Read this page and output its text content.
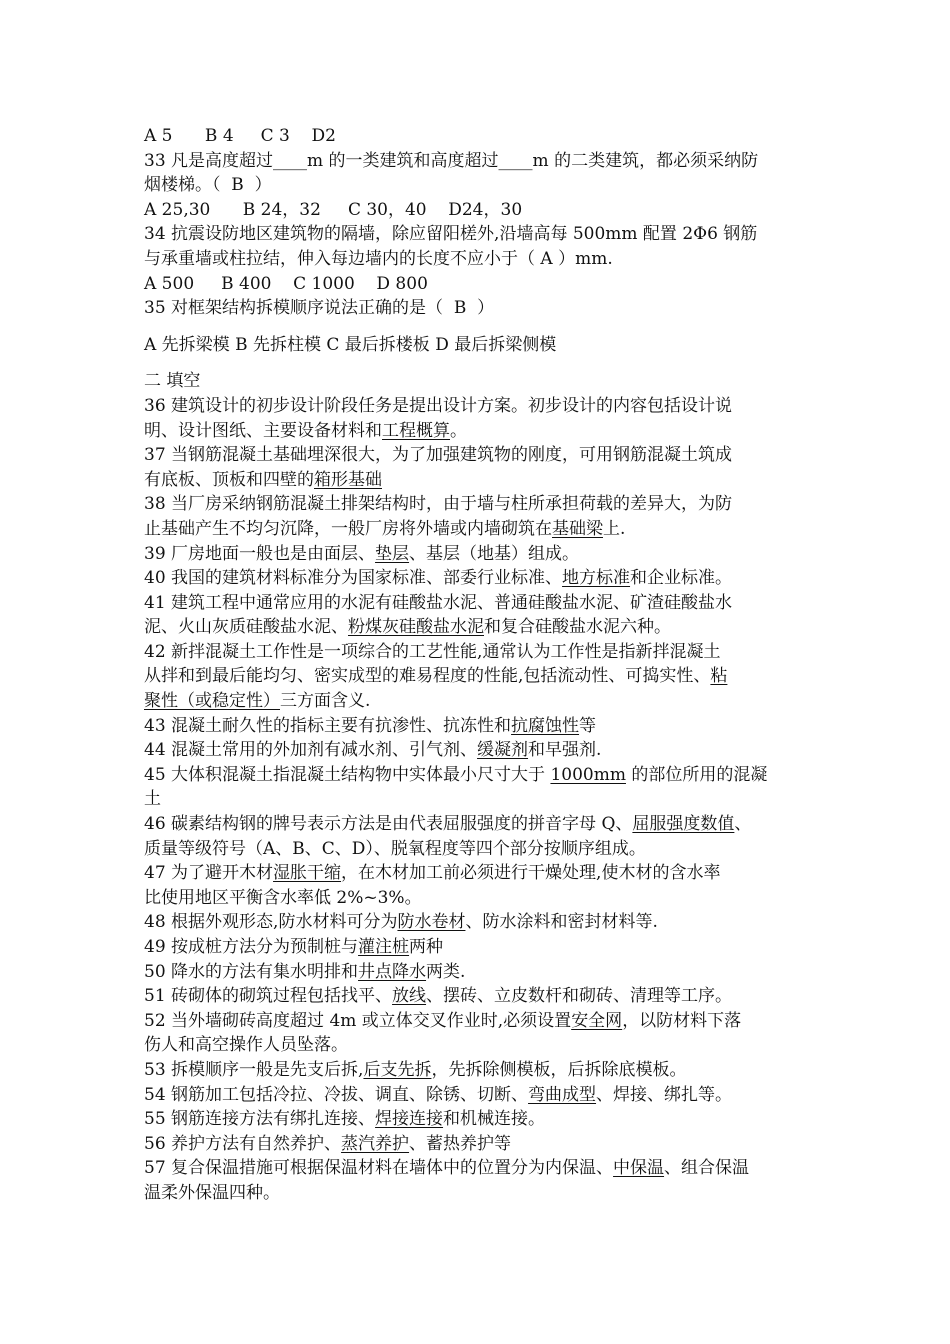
A 5      B 4     C 3    D2
33 凡是高度超过____m 的一类建筑和高度超过____m 的二类建筑，都必须采纳防
烟楼梯。（  B  ）
A 25,30      B 24，32     C 30，40    D24，30
34 抗震设防地区建筑物的隔墙，除应留阳槎外,沿墙高每 500mm 配置 2Φ6 钢筋
与承重墙或柱拉结，伸入每边墙内的长度不应小于（ A ）mm.
A 500     B 400    C 1000    D 800
35 对框架结构拆模顺序说法正确的是（  B  ）
A 先拆梁模 B 先拆柱模 C 最后拆楼板 D 最后拆梁侧模
二 填空
36 建筑设计的初步设计阶段任务是提出设计方案。初步设计的内容包括设计说
明、设计图纸、主要设备材料和工程概算。
37 当钢筋混凝土基础埋深很大，为了加强建筑物的刚度，可用钢筋混凝土筑成
有底板、顶板和四壁的箱形基础
38 当厂房采纳钢筋混凝土排架结构时，由于墙与柱所承担荷载的差异大，为防
止基础产生不均匀沉降，一般厂房将外墙或内墙砌筑在基础梁上.
39 厂房地面一般也是由面层、垫层、基层（地基）组成。
40 我国的建筑材料标准分为国家标准、部委行业标准、地方标准和企业标准。
41 建筑工程中通常应用的水泥有硅酸盐水泥、普通硅酸盐水泥、矿渣硅酸盐水
泥、火山灰质硅酸盐水泥、粉煤灰硅酸盐水泥和复合硅酸盐水泥六种。
42 新拌混凝土工作性是一项综合的工艺性能,通常认为工作性是指新拌混凝土
从拌和到最后能均匀、密实成型的难易程度的性能,包括流动性、可捣实性、粘
聚性（或稳定性）三方面含义.
43 混凝土耐久性的指标主要有抗渗性、抗冻性和抗腐蚀性等
44 混凝土常用的外加剂有减水剂、引气剂、缓凝剂和早强剂.
45 大体积混凝土指混凝土结构物中实体最小尺寸大于 1000mm 的部位所用的混凝
土
46 碳素结构钢的牌号表示方法是由代表屈服强度的拼音字母 Q、屈服强度数值、
质量等级符号（A、B、C、D）、脱氧程度等四个部分按顺序组成。
47 为了避开木材湿胀干缩，在木材加工前必须进行干燥处理,使木材的含水率
比使用地区平衡含水率低 2%~3%。
48 根据外观形态,防水材料可分为防水卷材、防水涂料和密封材料等.
49 按成桩方法分为预制桩与灌注桩两种
50 降水的方法有集水明排和井点降水两类.
51 砖砌体的砌筑过程包括找平、放线、摆砖、立皮数杆和砌砖、清理等工序。
52 当外墙砌砖高度超过 4m 或立体交叉作业时,必须设置安全网，以防材料下落
伤人和高空操作人员坠落。
53 拆模顺序一般是先支后拆,后支先拆，先拆除侧模板，后拆除底模板。
54 钢筋加工包括冷拉、冷拔、调直、除锈、切断、弯曲成型、焊接、绑扎等。
55 钢筋连接方法有绑扎连接、焊接连接和机械连接。
56 养护方法有自然养护、蒸汽养护、蓄热养护等
57 复合保温措施可根据保温材料在墙体中的位置分为内保温、中保温、组合保温
温柔外保温四种。
